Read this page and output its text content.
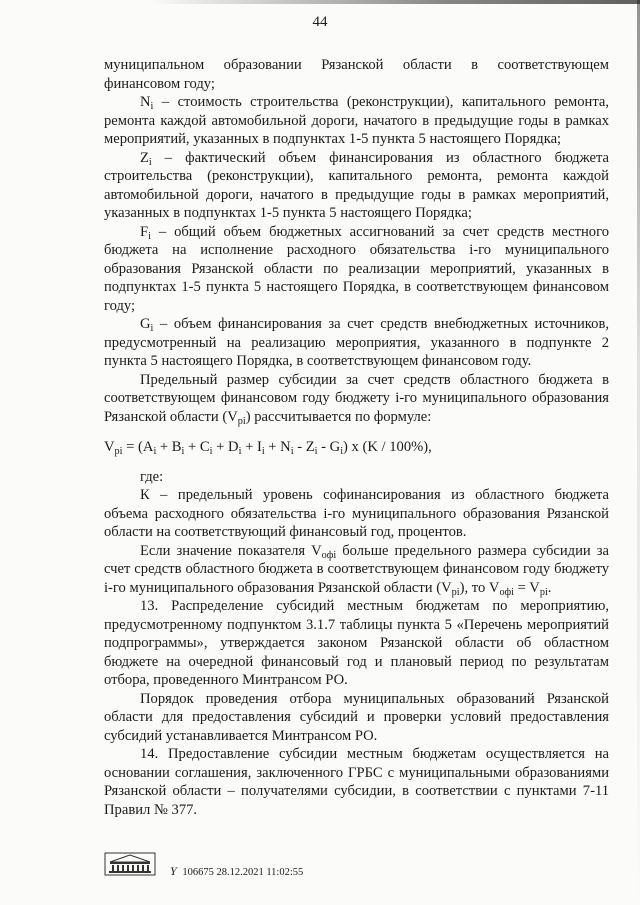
44

муниципальном образовании Рязанской области в соответствующем финансовом году;

$N_i$ – стоимость строительства (реконструкции), капитального ремонта, ремонта каждой автомобильной дороги, начатого в предыдущие годы в рамках мероприятий, указанных в подпунктах 1-5 пункта 5 настоящего Порядка;

$Z_i$ – фактический объем финансирования из областного бюджета строительства (реконструкции), капитального ремонта, ремонта каждой автомобильной дороги, начатого в предыдущие годы в рамках мероприятий, указанных в подпунктах 1-5 пункта 5 настоящего Порядка;

$F_i$ – общий объем бюджетных ассигнований за счет средств местного бюджета на исполнение расходного обязательства i-го муниципального образования Рязанской области по реализации мероприятий, указанных в подпунктах 1-5 пункта 5 настоящего Порядка, в соответствующем финансовом году;

$G_i$ – объем финансирования за счет средств внебюджетных источников, предусмотренный на реализацию мероприятия, указанного в подпункте 2 пункта 5 настоящего Порядка, в соответствующем финансовом году.

Предельный размер субсидии за счет средств областного бюджета в соответствующем финансовом году бюджету i-го муниципального образования Рязанской области $(V_{pi})$ рассчитывается по формуле:

$V_{pi} = (A_i + B_i + C_i + D_i + I_i + N_i - Z_i - G_i)$ x (K / 100%),

где:

К – предельный уровень софинансирования из областного бюджета объема расходного обязательства i-го муниципального образования Рязанской области на соответствующий финансовый год, процентов.

Если значение показателя $V_{офi}$ больше предельного размера субсидии за счет средств областного бюджета в соответствующем финансовом году бюджету i-го муниципального образования Рязанской области $(V_{pi})$, то $V_{офi} = V_{pi}$.

13. Распределение субсидий местным бюджетам по мероприятию, предусмотренному подпунктом 3.1.7 таблицы пункта 5 «Перечень мероприятий подпрограммы», утверждается законом Рязанской области об областном бюджете на очередной финансовый год и плановый период по результатам отбора, проведенного Минтрансом РО.

Порядок проведения отбора муниципальных образований Рязанской области для предоставления субсидий и проверки условий предоставления субсидий устанавливается Минтрансом РО.

14. Предоставление субсидии местным бюджетам осуществляется на основании соглашения, заключенного ГРБС с муниципальными образованиями Рязанской области – получателями субсидии, в соответствии с пунктами 7-11 Правил № 377.

Ү 106675 28.12.2021 11:02:55
